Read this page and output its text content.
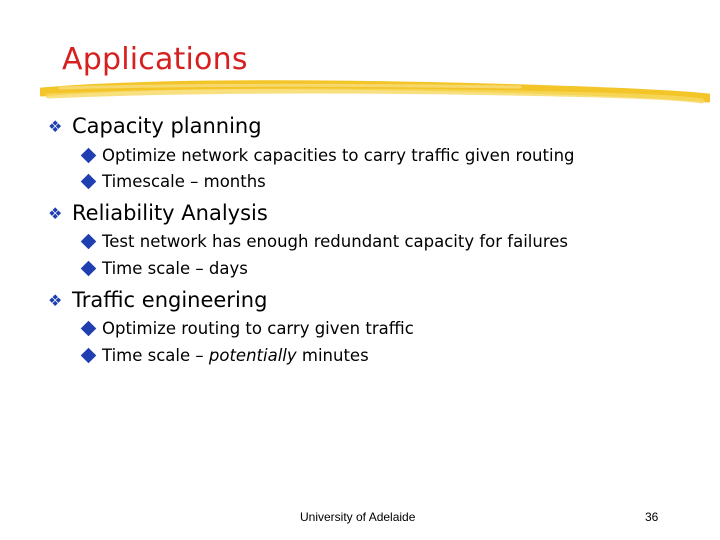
Applications
❖ Capacity planning
Optimize network capacities to carry traffic given routing
Timescale – months
❖ Reliability Analysis
Test network has enough redundant capacity for failures
Time scale – days
❖ Traffic engineering
Optimize routing to carry given traffic
Time scale – potentially minutes
University of Adelaide	36
